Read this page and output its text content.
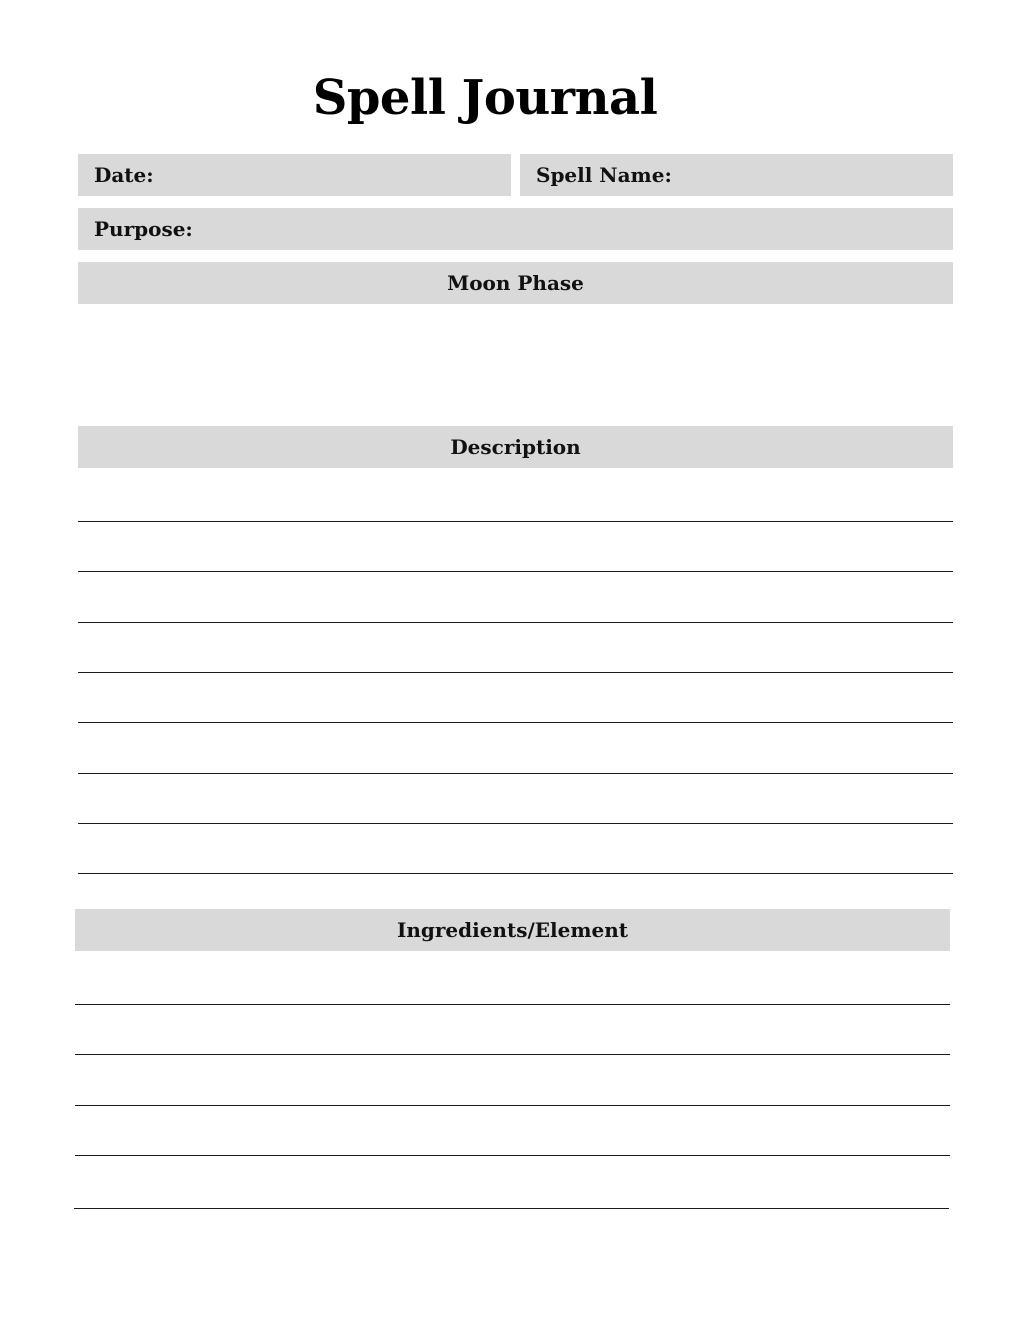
Spell Journal
Date:	Spell Name:
Purpose:
Moon Phase
Description
Ingredients/Element
